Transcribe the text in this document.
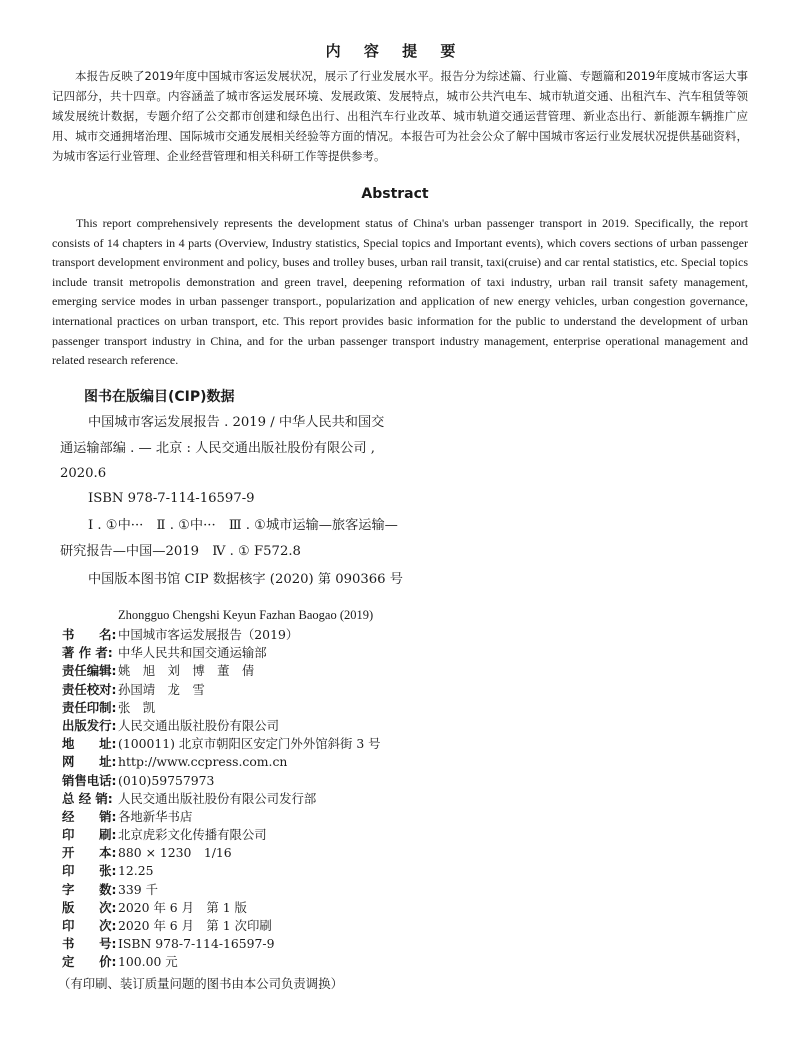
内 容 提 要

本报告反映了2019年度中国城市客运发展状况，展示了行业发展水平。报告分为综述篇、行业篇、专题篇和2019年度城市客运大事记四部分，共十四章。内容涵盖了城市客运发展环境、发展政策、发展特点，城市公共汽电车、城市轨道交通、出租汽车、汽车租赁等领域发展统计数据，专题介绍了公交都市创建和绿色出行、出租汽车行业改革、城市轨道交通运营管理、新业态出行、新能源车辆推广应用、城市交通拥堵治理、国际城市交通发展相关经验等方面的情况。本报告可为社会公众了解中国城市客运行业发展状况提供基础资料，为城市客运行业管理、企业经营管理和相关科研工作等提供参考。

Abstract

This report comprehensively represents the development status of China's urban passenger transport in 2019. Specifically, the report consists of 14 chapters in 4 parts (Overview, Industry statistics, Special topics and Important events), which covers sections of urban passenger transport development environment and policy, buses and trolley buses, urban rail transit, taxi(cruise) and car rental statistics, etc. Special topics include transit metropolis demonstration and green travel, deepening reformation of taxi industry, urban rail transit safety management, emerging service modes in urban passenger transport., popularization and application of new energy vehicles, urban congestion governance, international practices on urban transport, etc. This report provides basic information for the public to understand the development of urban passenger transport industry in China, and for the urban passenger transport industry management, enterprise operational management and related research reference.

图书在版编目(CIP)数据
中国城市客运发展报告 . 2019 / 中华人民共和国交
通运输部编 . — 北京 : 人民交通出版社股份有限公司 ,
2020.6
ISBN 978-7-114-16597-9
Ⅰ . ①中···　Ⅱ . ①中···　Ⅲ . ①城市运输—旅客运输—
研究报告—中国—2019　Ⅳ . ① F572.8
中国版本图书馆 CIP 数据核字 (2020) 第 090366 号
Zhongguo Chengshi Keyun Fazhan Baogao (2019)
书　　名: 中国城市客运发展报告（2019）
著 作 者: 中华人民共和国交通运输部
责任编辑: 姚　旭　刘　博　董　倩
责任校对: 孙国靖　龙　雪
责任印制: 张　凯
出版发行: 人民交通出版社股份有限公司
地　　址: (100011) 北京市朝阳区安定门外外馆斜街 3 号
网　　址: http://www.ccpress.com.cn
销售电话: (010)59757973
总 经 销: 人民交通出版社股份有限公司发行部
经　　销: 各地新华书店
印　　刷: 北京虎彩文化传播有限公司
开　　本: 880 × 1230　1/16
印　　张: 12.25
字　　数: 339 千
版　　次: 2020 年 6 月　第 1 版
印　　次: 2020 年 6 月　第 1 次印刷
书　　号: ISBN 978-7-114-16597-9
定　　价: 100.00 元
（有印刷、装订质量问题的图书由本公司负责调换）
